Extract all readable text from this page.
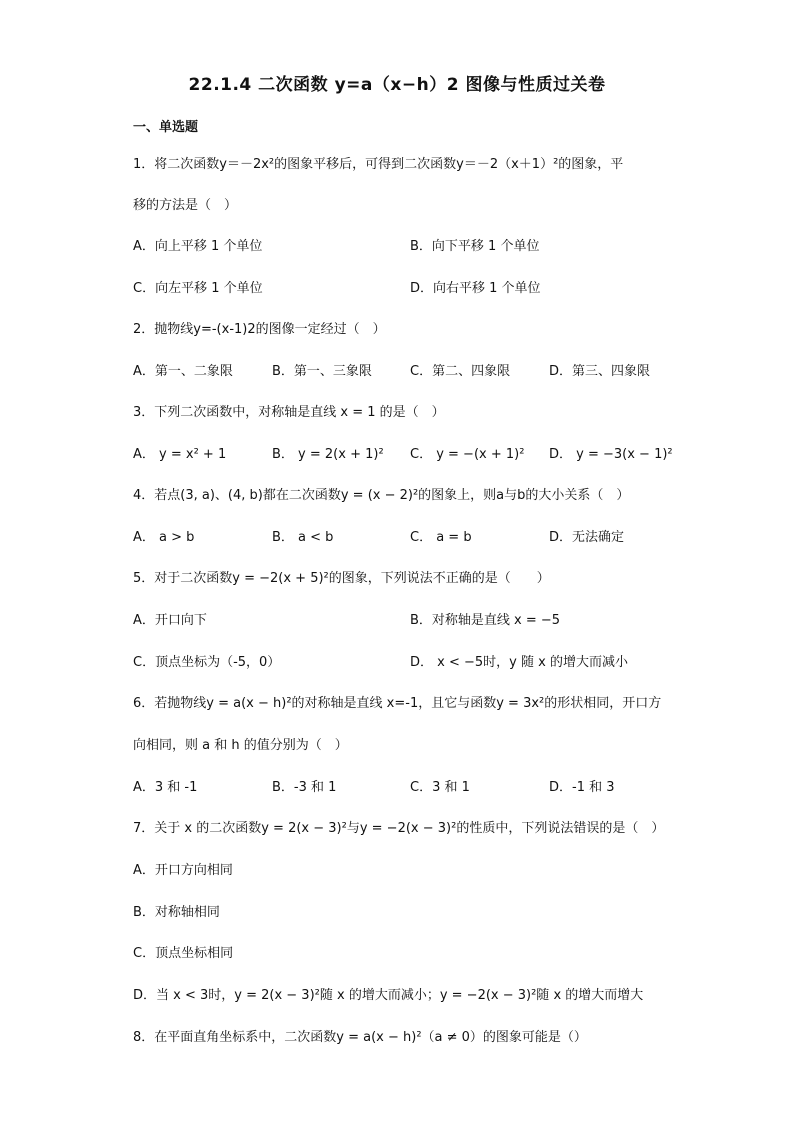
22.1.4 二次函数 y=a（x−h）2 图像与性质过关卷
一、单选题
1．将二次函数y＝－2x²的图象平移后，可得到二次函数y＝－2（x＋1）²的图象，平
移的方法是（　）
A．向上平移 1 个单位	B．向下平移 1 个单位
C．向左平移 1 个单位	D．向右平移 1 个单位
2．抛物线y=-(x-1)2的图像一定经过（　）
A．第一、二象限	B．第一、三象限	C．第二、四象限	D．第三、四象限
3．下列二次函数中，对称轴是直线 x = 1 的是（　）
A． y = x² + 1	B． y = 2(x + 1)² C． y = −(x + 1)² D． y = −3(x − 1)²
4．若点(3, a)、(4, b)都在二次函数y = (x − 2)²的图象上，则a与b的大小关系（　）
A． a > b	B． a < b	C． a = b	D．无法确定
5．对于二次函数y = −2(x + 5)²的图象，下列说法不正确的是（　　）
A．开口向下	B．对称轴是直线 x = −5
C．顶点坐标为（-5，0）	D． x < −5时，y 随 x 的增大而减小
6．若抛物线y = a(x − h)²的对称轴是直线 x=-1，且它与函数y = 3x²的形状相同，开口方
向相同，则 a 和 h 的值分别为（　）
A．3 和 -1	B．-3 和 1	C．3 和 1	D．-1 和 3
7．关于 x 的二次函数y = 2(x − 3)²与y = −2(x − 3)²的性质中，下列说法错误的是（　）
A．开口方向相同
B．对称轴相同
C．顶点坐标相同
D．当 x < 3时，y = 2(x − 3)²随 x 的增大而减小；y = −2(x − 3)²随 x 的增大而增大
8．在平面直角坐标系中，二次函数y = a(x − h)²（a ≠ 0）的图象可能是（）
